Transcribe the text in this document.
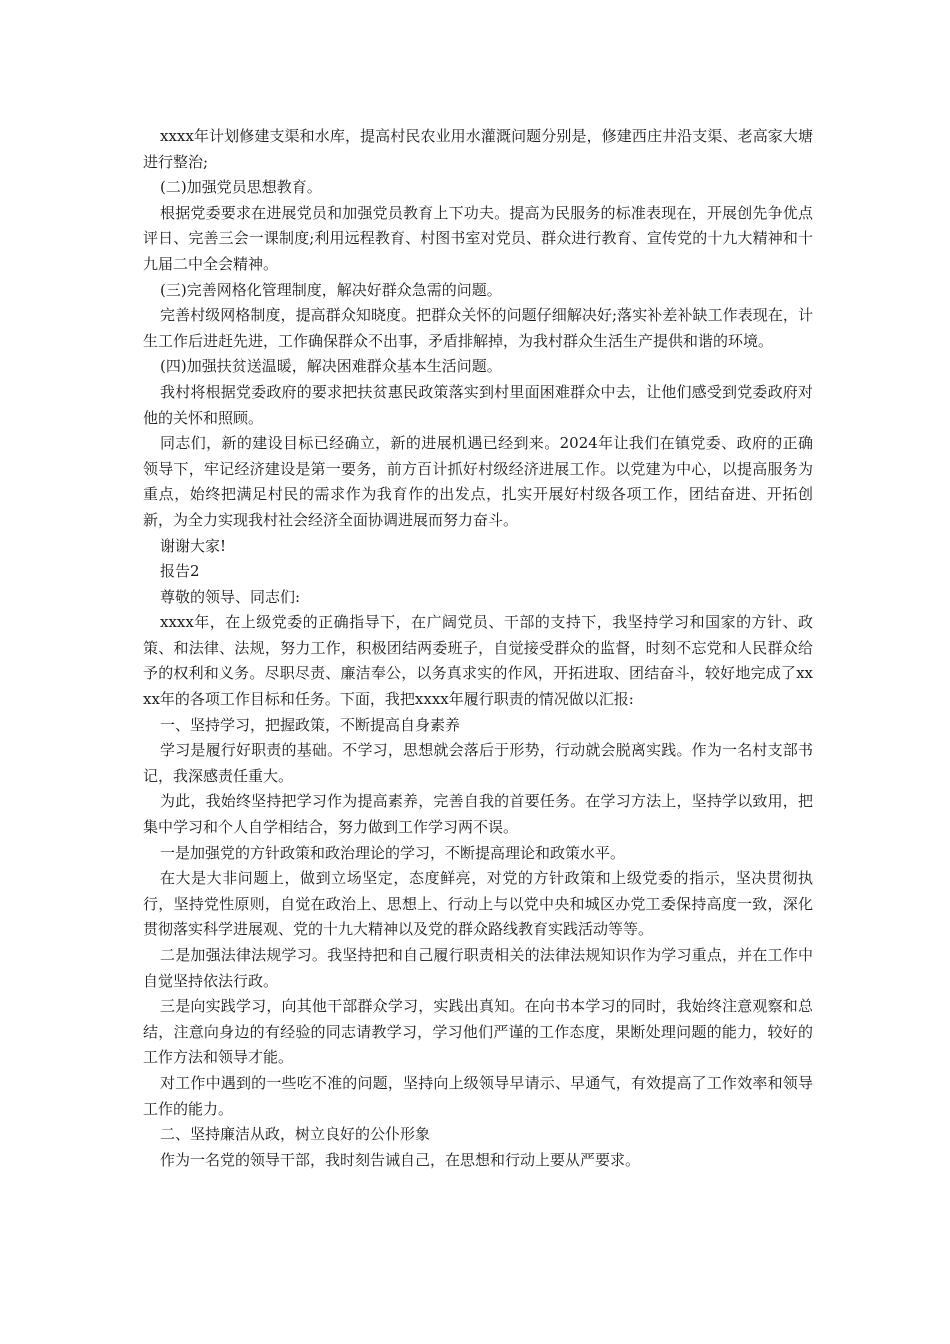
xxxx年计划修建支渠和水库，提高村民农业用水灌溉问题分别是，修建西庄井沿支渠、老高家大塘进行整治;

(二)加强党员思想教育。

根据党委要求在进展党员和加强党员教育上下功夫。提高为民服务的标准表现在，开展创先争优点评日、完善三会一课制度;利用远程教育、村图书室对党员、群众进行教育、宣传党的十九大精神和十九届二中全会精神。

(三)完善网格化管理制度，解决好群众急需的问题。

完善村级网格制度，提高群众知晓度。把群众关怀的问题仔细解决好;落实补差补缺工作表现在，计生工作后进赶先进，工作确保群众不出事，矛盾排解掉，为我村群众生活生产提供和谐的环境。

(四)加强扶贫送温暖，解决困难群众基本生活问题。

我村将根据党委政府的要求把扶贫惠民政策落实到村里面困难群众中去，让他们感受到党委政府对他的关怀和照顾。

同志们，新的建设目标已经确立，新的进展机遇已经到来。2024年让我们在镇党委、政府的正确领导下，牢记经济建设是第一要务，前方百计抓好村级经济进展工作。以党建为中心，以提高服务为重点，始终把满足村民的需求作为我育作的出发点，扎实开展好村级各项工作，团结奋进、开拓创新，为全力实现我村社会经济全面协调进展而努力奋斗。

谢谢大家!

报告2

尊敬的领导、同志们:

xxxx年，在上级党委的正确指导下，在广阔党员、干部的支持下，我坚持学习和国家的方针、政策、和法律、法规，努力工作，积极团结两委班子，自觉接受群众的监督，时刻不忘党和人民群众给予的权利和义务。尽职尽责、廉洁奉公，以务真求实的作风，开拓进取、团结奋斗，较好地完成了xxxx年的各项工作目标和任务。下面，我把xxxx年履行职责的情况做以汇报:

一、坚持学习，把握政策，不断提高自身素养

学习是履行好职责的基础。不学习，思想就会落后于形势，行动就会脱离实践。作为一名村支部书记，我深感责任重大。

为此，我始终坚持把学习作为提高素养，完善自我的首要任务。在学习方法上，坚持学以致用，把集中学习和个人自学相结合，努力做到工作学习两不误。

一是加强党的方针政策和政治理论的学习，不断提高理论和政策水平。

在大是大非问题上，做到立场坚定，态度鲜亮，对党的方针政策和上级党委的指示，坚决贯彻执行，坚持党性原则，自觉在政治上、思想上、行动上与以党中央和城区办党工委保持高度一致，深化贯彻落实科学进展观、党的十九大精神以及党的群众路线教育实践活动等等。

二是加强法律法规学习。我坚持把和自己履行职责相关的法律法规知识作为学习重点，并在工作中自觉坚持依法行政。

三是向实践学习，向其他干部群众学习，实践出真知。在向书本学习的同时，我始终注意观察和总结，注意向身边的有经验的同志请教学习，学习他们严谨的工作态度，果断处理问题的能力，较好的工作方法和领导才能。

对工作中遇到的一些吃不准的问题，坚持向上级领导早请示、早通气，有效提高了工作效率和领导工作的能力。

二、坚持廉洁从政，树立良好的公仆形象

作为一名党的领导干部，我时刻告诫自己，在思想和行动上要从严要求。
